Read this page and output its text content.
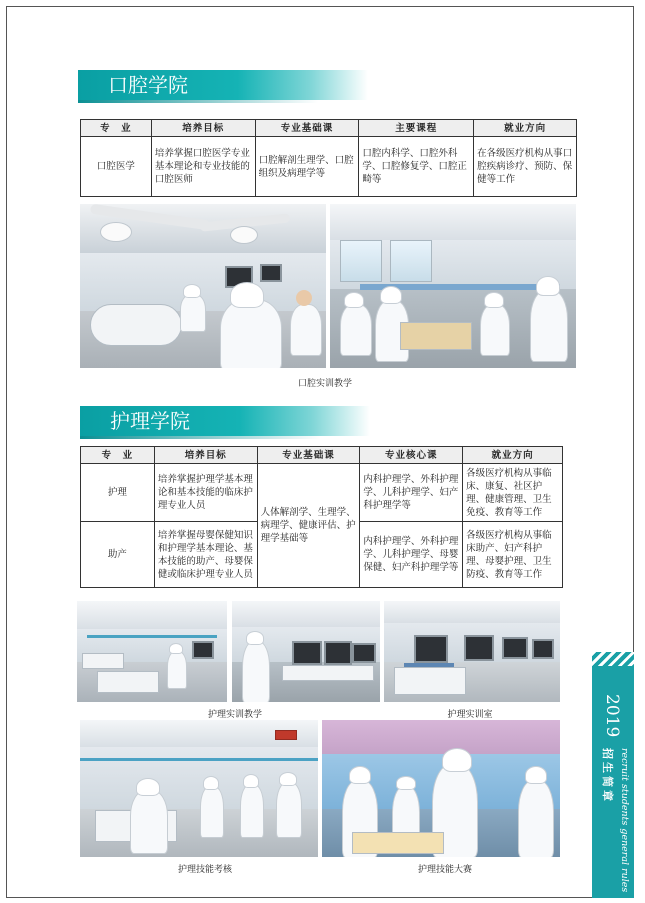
口腔学院
专　业	培养目标	专业基础课	主要课程	就业方向
口腔医学	培养掌握口腔医学专业基本理论和专业技能的口腔医师	口腔解剖生理学、口腔组织及病理学等	口腔内科学、口腔外科学、口腔修复学、口腔正畸等	在各级医疗机构从事口腔疾病诊疗、预防、保健等工作
口腔实训教学
护理学院
专　业	培养目标	专业基础课	专业核心课	就业方向
护理	培养掌握护理学基本理论和基本技能的临床护理专业人员	人体解剖学、生理学、病理学、健康评估、护理学基础等	内科护理学、外科护理学、儿科护理学、妇产科护理学等	各级医疗机构从事临床、康复、社区护理、健康管理、卫生免疫、教育等工作
助产	培养掌握母婴保健知识和护理学基本理论、基本技能的助产、母婴保健或临床护理专业人员		内科护理学、外科护理学、儿科护理学、母婴保健、妇产科护理学等	各级医疗机构从事临床助产、妇产科护理、母婴护理、卫生防疫、教育等工作
护理实训教学	护理实训室
护理技能考核	护理技能大赛
2019
招生简章 recruit students general rules
